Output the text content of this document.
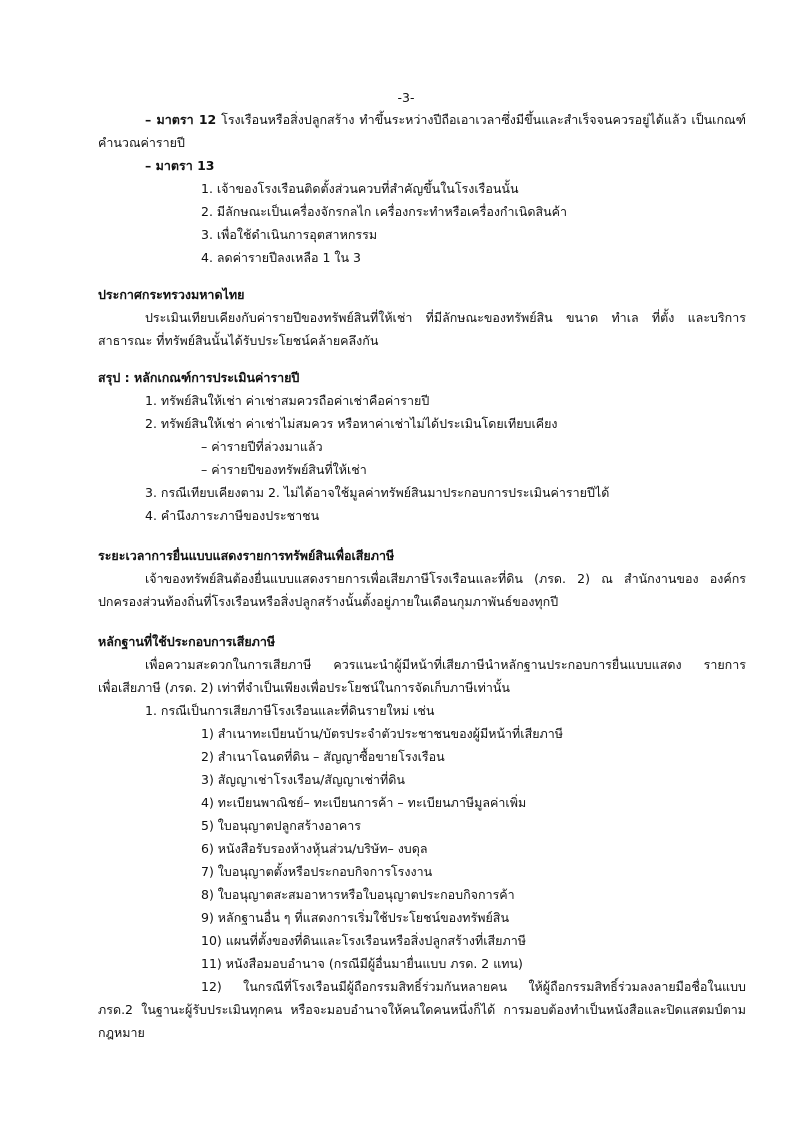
-3-

– มาตรา 12 โรงเรือนหรือสิ่งปลูกสร้าง ทำขึ้นระหว่างปีถือเอาเวลาซึ่งมีขึ้นและสำเร็จจนควรอยู่ได้แล้ว เป็นเกณฑ์

คำนวณค่ารายปี

– มาตรา 13

1. เจ้าของโรงเรือนติดตั้งส่วนควบที่สำคัญขึ้นในโรงเรือนนั้น

2. มีลักษณะเป็นเครื่องจักรกลไก เครื่องกระทำหรือเครื่องกำเนิดสินค้า

3. เพื่อใช้ดำเนินการอุตสาหกรรม

4. ลดค่ารายปีลงเหลือ 1 ใน 3

ประกาศกระทรวงมหาดไทย

ประเมินเทียบเคียงกับค่ารายปีของทรัพย์สินที่ให้เช่า ที่มีลักษณะของทรัพย์สิน ขนาด ทำเล ที่ตั้ง และบริการ

สาธารณะ ที่ทรัพย์สินนั้นได้รับประโยชน์คล้ายคลึงกัน

สรุป : หลักเกณฑ์การประเมินค่ารายปี

1. ทรัพย์สินให้เช่า ค่าเช่าสมควรถือค่าเช่าคือค่ารายปี

2. ทรัพย์สินให้เช่า ค่าเช่าไม่สมควร หรือหาค่าเช่าไม่ได้ประเมินโดยเทียบเคียง

– ค่ารายปีที่ล่วงมาแล้ว

– ค่ารายปีของทรัพย์สินที่ให้เช่า

3. กรณีเทียบเคียงตาม 2. ไม่ได้อาจใช้มูลค่าทรัพย์สินมาประกอบการประเมินค่ารายปีได้

4. คำนึงภาระภาษีของประชาชน

ระยะเวลาการยื่นแบบแสดงรายการทรัพย์สินเพื่อเสียภาษี

เจ้าของทรัพย์สินต้องยื่นแบบแสดงรายการเพื่อเสียภาษีโรงเรือนและที่ดิน (ภรด. 2) ณ สำนักงานของ องค์กร

ปกครองส่วนท้องถิ่นที่โรงเรือนหรือสิ่งปลูกสร้างนั้นตั้งอยู่ภายในเดือนกุมภาพันธ์ของทุกปี

หลักฐานที่ใช้ประกอบการเสียภาษี

เพื่อความสะดวกในการเสียภาษี ควรแนะนำผู้มีหน้าที่เสียภาษีนำหลักฐานประกอบการยื่นแบบแสดง รายการ

เพื่อเสียภาษี (ภรด. 2) เท่าที่จำเป็นเพียงเพื่อประโยชน์ในการจัดเก็บภาษีเท่านั้น

1. กรณีเป็นการเสียภาษีโรงเรือนและที่ดินรายใหม่ เช่น

1) สำเนาทะเบียนบ้าน/บัตรประจำตัวประชาชนของผู้มีหน้าที่เสียภาษี

2) สำเนาโฉนดที่ดิน – สัญญาซื้อขายโรงเรือน

3) สัญญาเช่าโรงเรือน/สัญญาเช่าที่ดิน

4) ทะเบียนพาณิชย์– ทะเบียนการค้า – ทะเบียนภาษีมูลค่าเพิ่ม

5) ใบอนุญาตปลูกสร้างอาคาร

6) หนังสือรับรองห้างหุ้นส่วน/บริษัท– งบดุล

7) ใบอนุญาตตั้งหรือประกอบกิจการโรงงาน

8) ใบอนุญาตสะสมอาหารหรือใบอนุญาตประกอบกิจการค้า

9) หลักฐานอื่น ๆ ที่แสดงการเริ่มใช้ประโยชน์ของทรัพย์สิน

10) แผนที่ตั้งของที่ดินและโรงเรือนหรือสิ่งปลูกสร้างที่เสียภาษี

11) หนังสือมอบอำนาจ (กรณีมีผู้อื่นมายื่นแบบ ภรด. 2 แทน)

12) ในกรณีที่โรงเรือนมีผู้ถือกรรมสิทธิ์ร่วมกันหลายคน ให้ผู้ถือกรรมสิทธิ์ร่วมลงลายมือชื่อในแบบ

ภรด.2 ในฐานะผู้รับประเมินทุกคน หรือจะมอบอำนาจให้คนใดคนหนึ่งก็ได้ การมอบต้องทำเป็นหนังสือและปิดแสตมป์ตาม

กฎหมาย
